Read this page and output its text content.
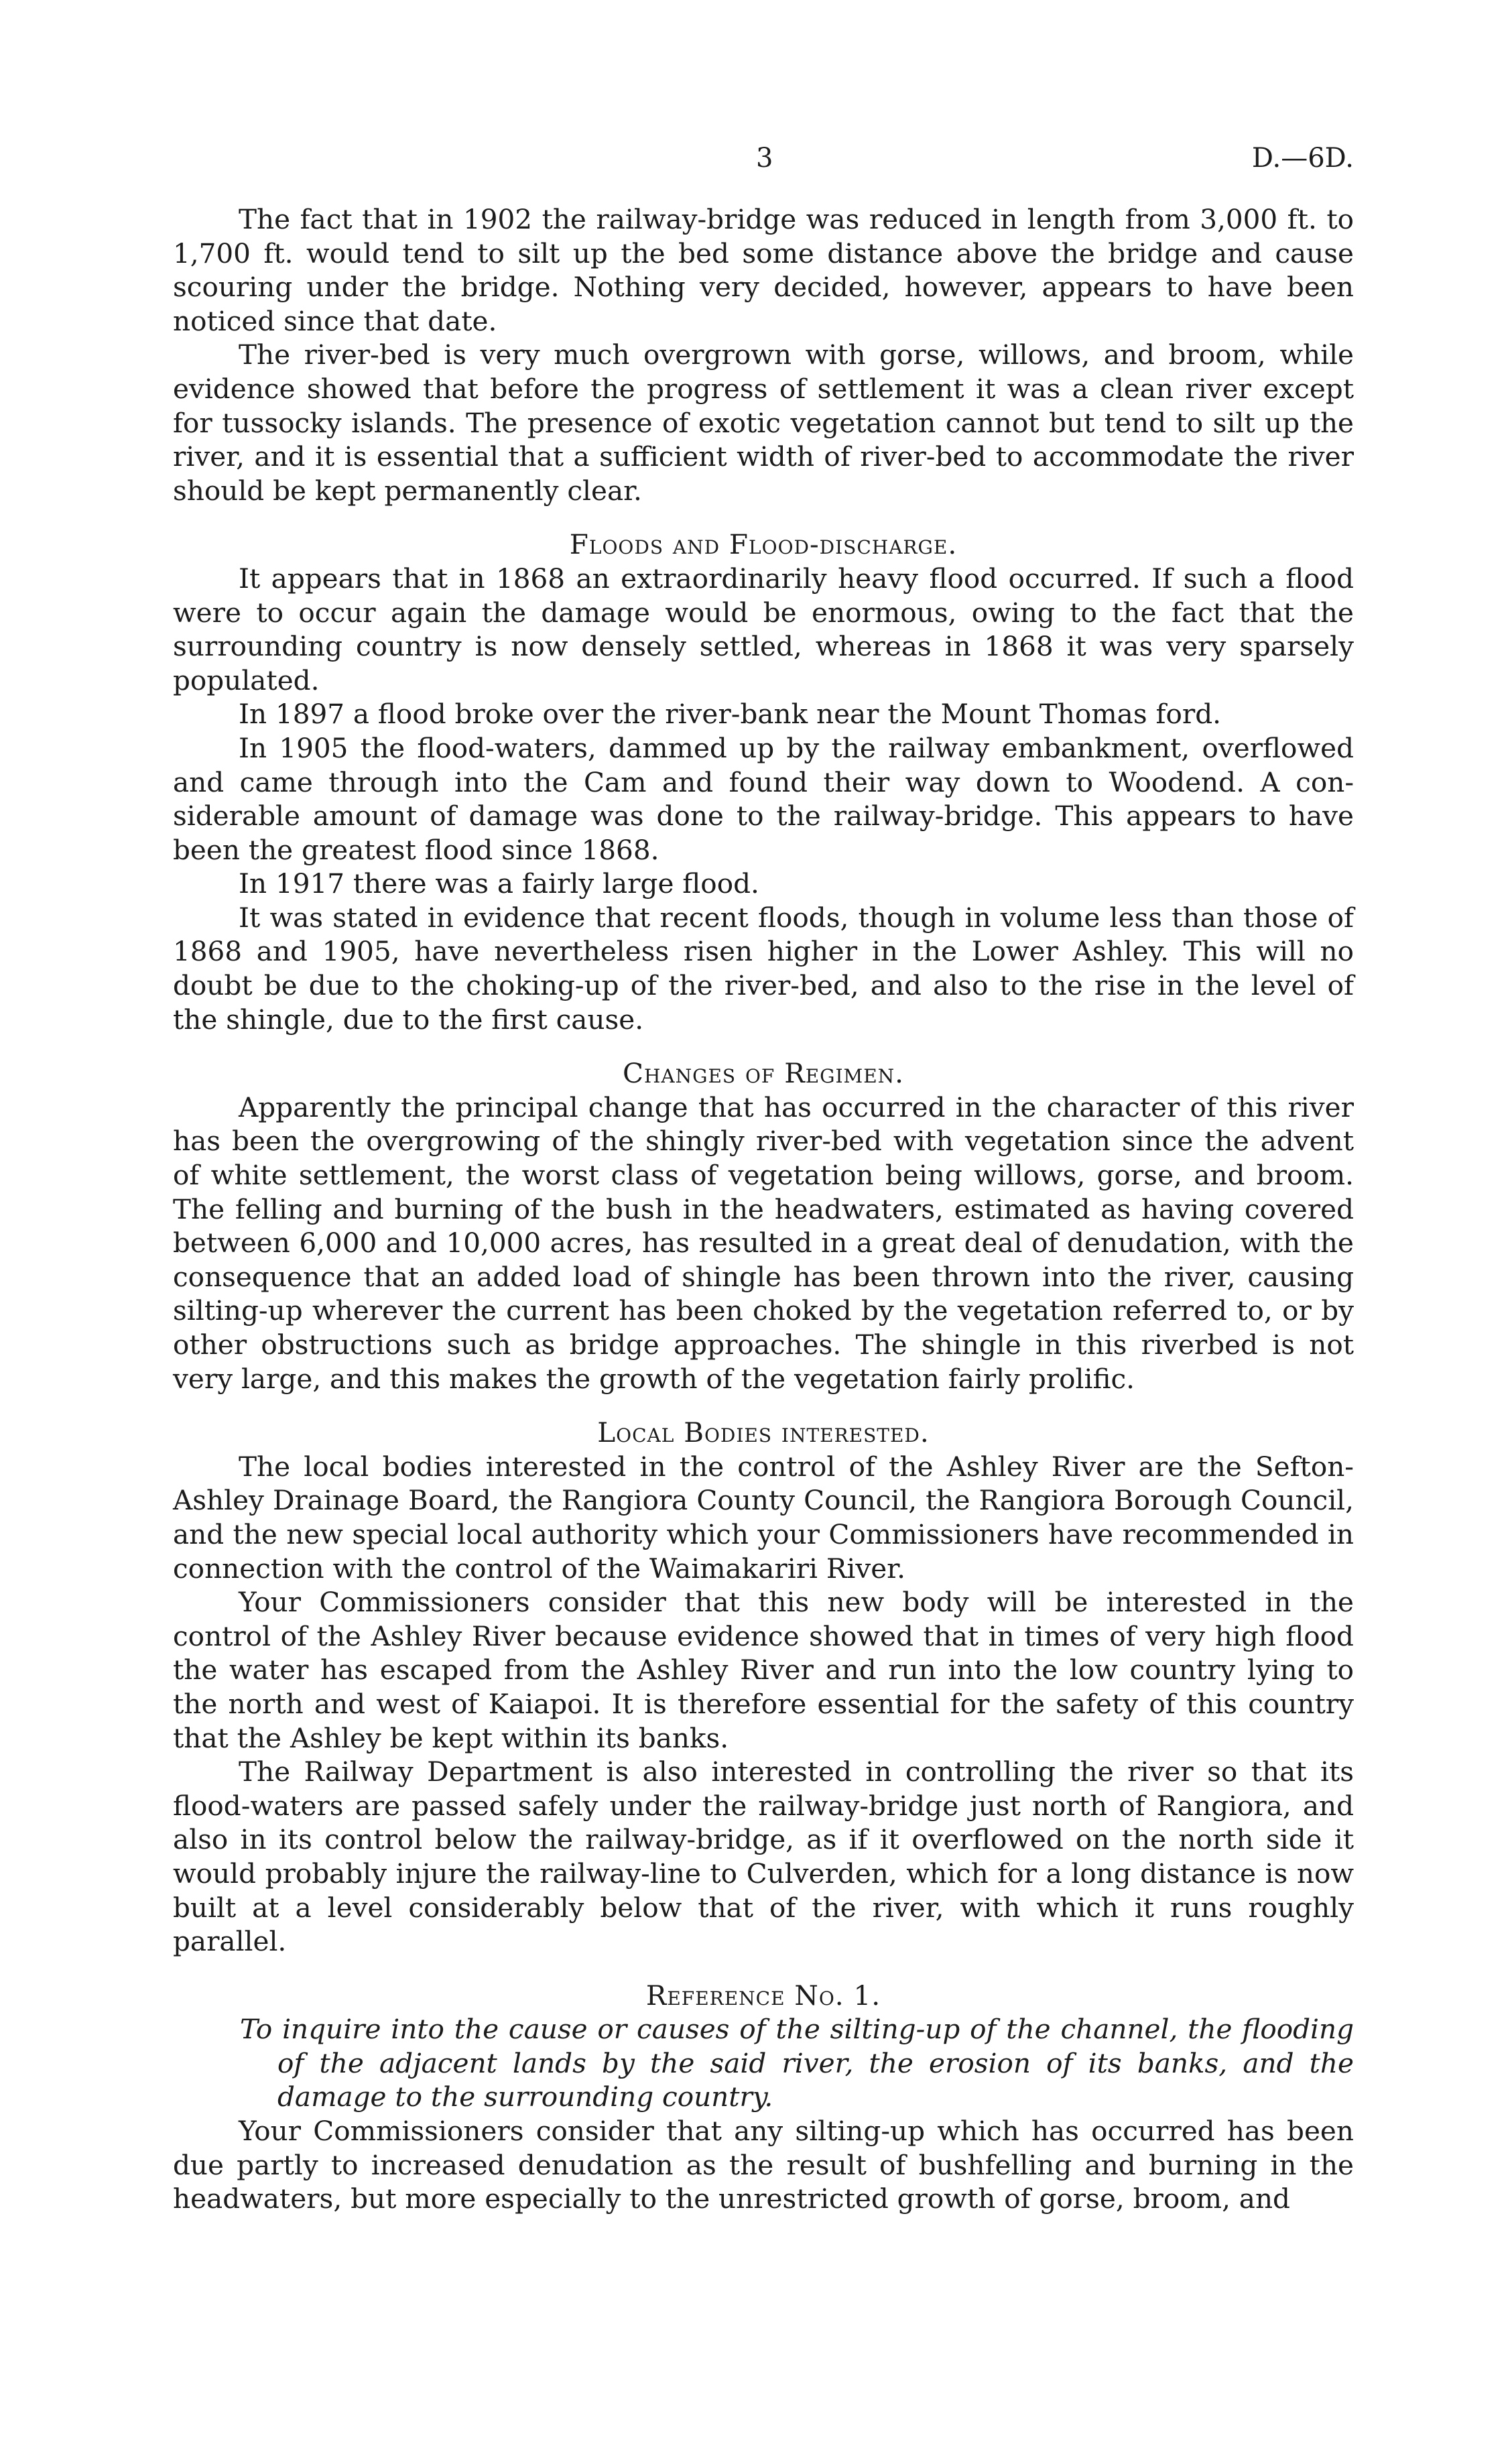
3	D.—6D.

The fact that in 1902 the railway-bridge was reduced in length from 3,000 ft. to 1,700 ft. would tend to silt up the bed some distance above the bridge and cause scouring under the bridge. Nothing very decided, however, appears to have been noticed since that date.

The river-bed is very much overgrown with gorse, willows, and broom, while evidence showed that before the progress of settlement it was a clean river except for tussocky islands. The presence of exotic vegetation cannot but tend to silt up the river, and it is essential that a sufficient width of river-bed to accommodate the river should be kept permanently clear.

Floods and Flood-discharge.

It appears that in 1868 an extraordinarily heavy flood occurred. If such a flood were to occur again the damage would be enormous, owing to the fact that the surrounding country is now densely settled, whereas in 1868 it was very sparsely populated.

In 1897 a flood broke over the river-bank near the Mount Thomas ford.

In 1905 the flood-waters, dammed up by the railway embankment, overflowed and came through into the Cam and found their way down to Woodend. A considerable amount of damage was done to the railway-bridge. This appears to have been the greatest flood since 1868.

In 1917 there was a fairly large flood.

It was stated in evidence that recent floods, though in volume less than those of 1868 and 1905, have nevertheless risen higher in the Lower Ashley. This will no doubt be due to the choking-up of the river-bed, and also to the rise in the level of the shingle, due to the first cause.

Changes of Regimen.

Apparently the principal change that has occurred in the character of this river has been the overgrowing of the shingly river-bed with vegetation since the advent of white settlement, the worst class of vegetation being willows, gorse, and broom. The felling and burning of the bush in the headwaters, estimated as having covered between 6,000 and 10,000 acres, has resulted in a great deal of denudation, with the consequence that an added load of shingle has been thrown into the river, causing silting-up wherever the current has been choked by the vegetation referred to, or by other obstructions such as bridge approaches. The shingle in this riverbed is not very large, and this makes the growth of the vegetation fairly prolific.

Local Bodies interested.

The local bodies interested in the control of the Ashley River are the Sefton-Ashley Drainage Board, the Rangiora County Council, the Rangiora Borough Council, and the new special local authority which your Commissioners have recommended in connection with the control of the Waimakariri River.

Your Commissioners consider that this new body will be interested in the control of the Ashley River because evidence showed that in times of very high flood the water has escaped from the Ashley River and run into the low country lying to the north and west of Kaiapoi. It is therefore essential for the safety of this country that the Ashley be kept within its banks.

The Railway Department is also interested in controlling the river so that its flood-waters are passed safely under the railway-bridge just north of Rangiora, and also in its control below the railway-bridge, as if it overflowed on the north side it would probably injure the railway-line to Culverden, which for a long distance is now built at a level considerably below that of the river, with which it runs roughly parallel.

Reference No. 1.

To inquire into the cause or causes of the silting-up of the channel, the flooding of the adjacent lands by the said river, the erosion of its banks, and the damage to the surrounding country.

Your Commissioners consider that any silting-up which has occurred has been due partly to increased denudation as the result of bushfelling and burning in the headwaters, but more especially to the unrestricted growth of gorse, broom, and
